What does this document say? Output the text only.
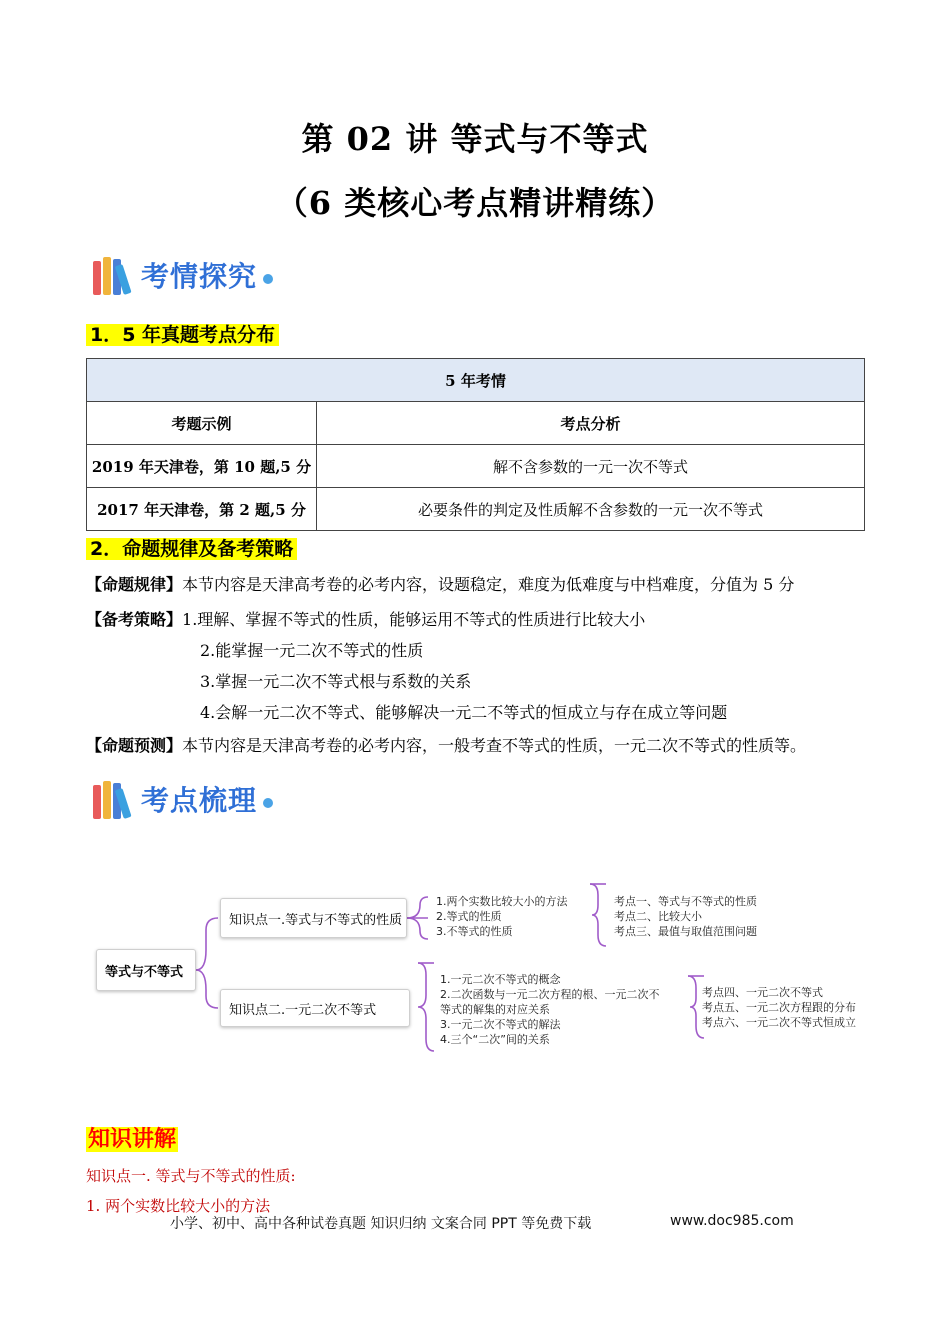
第 02 讲 等式与不等式
（6 类核心考点精讲精练）
考情探究
1．5 年真题考点分布
5 年考情	
考题示例	考点分析
2019 年天津卷，第 10 题,5 分	解不含参数的一元一次不等式
2017 年天津卷，第 2 题,5 分	必要条件的判定及性质解不含参数的一元一次不等式
2．命题规律及备考策略
【命题规律】本节内容是天津高考卷的必考内容，设题稳定，难度为低难度与中档难度，分值为 5 分
【备考策略】1.理解、掌握不等式的性质，能够运用不等式的性质进行比较大小
2.能掌握一元二次不等式的性质
3.掌握一元二次不等式根与系数的关系
4.会解一元二次不等式、能够解决一元二不等式的恒成立与存在成立等问题
【命题预测】本节内容是天津高考卷的必考内容，一般考查不等式的性质，一元二次不等式的性质等。
考点梳理
等式与不等式
知识点一.等式与不等式的性质
知识点二.一元二次不等式
1.两个实数比较大小的方法
2.等式的性质
3.不等式的性质
考点一、等式与不等式的性质
考点二、比较大小
考点三、最值与取值范围问题
1.一元二次不等式的概念
2.二次函数与一元二次方程的根、一元二次不
等式的解集的对应关系
3.一元二次不等式的解法
4.三个“二次”间的关系
考点四、一元二次不等式
考点五、一元二次方程跟的分布
考点六、一元二次不等式恒成立
知识讲解
知识点一. 等式与不等式的性质:
1. 两个实数比较大小的方法
小学、初中、高中各种试卷真题 知识归纳 文案合同 PPT 等免费下载	www.doc985.com
